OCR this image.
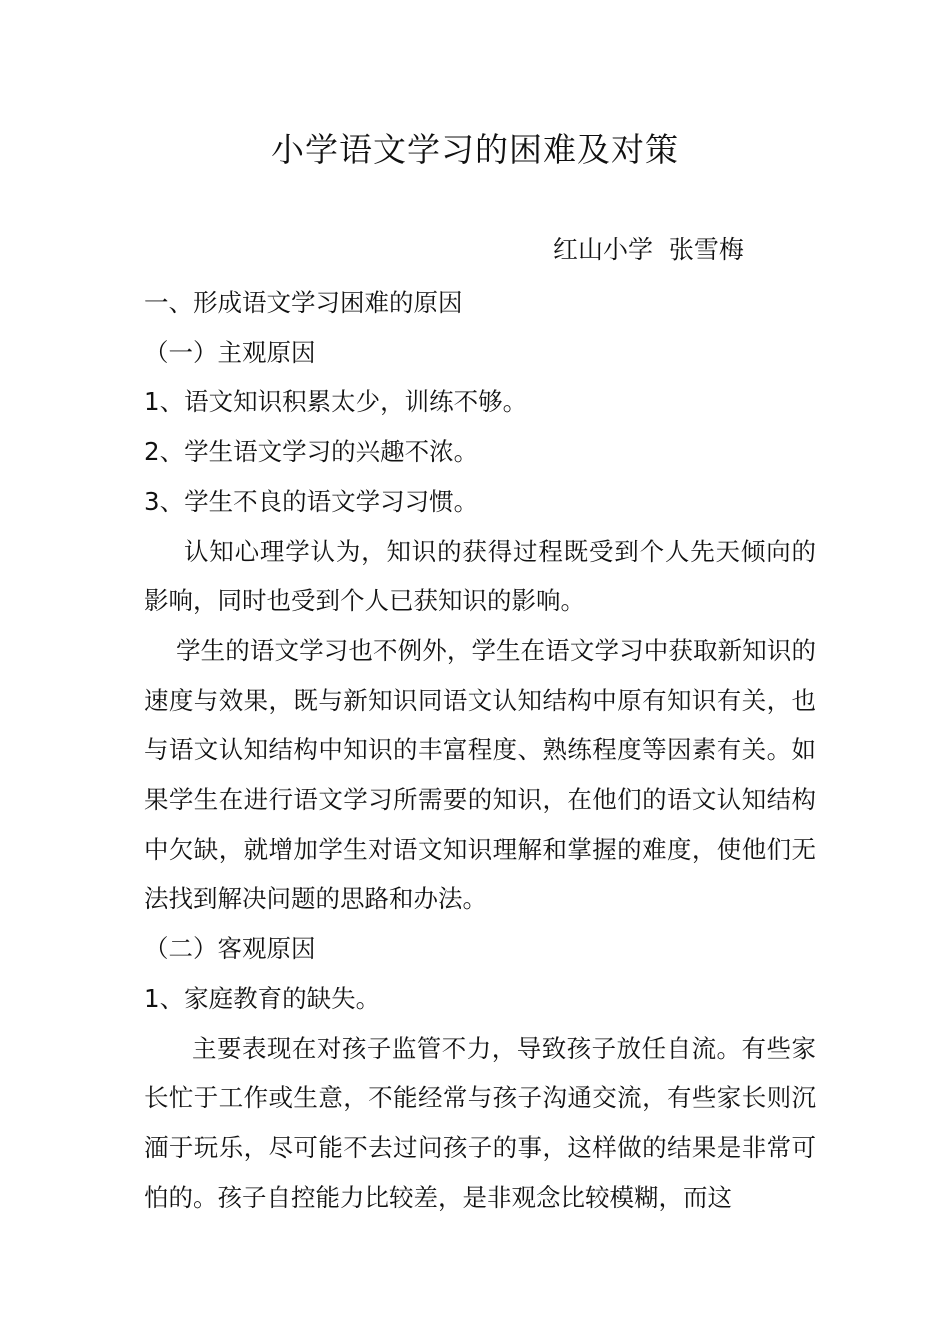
小学语文学习的困难及对策
红山小学  张雪梅

一、形成语文学习困难的原因

（一）主观原因

1、语文知识积累太少，训练不够。

2、学生语文学习的兴趣不浓。

3、学生不良的语文学习习惯。

认知心理学认为，知识的获得过程既受到个人先天倾向的影响，同时也受到个人已获知识的影响。

学生的语文学习也不例外，学生在语文学习中获取新知识的速度与效果，既与新知识同语文认知结构中原有知识有关，也与语文认知结构中知识的丰富程度、熟练程度等因素有关。如果学生在进行语文学习所需要的知识，在他们的语文认知结构中欠缺，就增加学生对语文知识理解和掌握的难度，使他们无法找到解决问题的思路和办法。

（二）客观原因

1、家庭教育的缺失。

主要表现在对孩子监管不力，导致孩子放任自流。有些家长忙于工作或生意，不能经常与孩子沟通交流，有些家长则沉湎于玩乐，尽可能不去过问孩子的事，这样做的结果是非常可怕的。孩子自控能力比较差，是非观念比较模糊，而这
